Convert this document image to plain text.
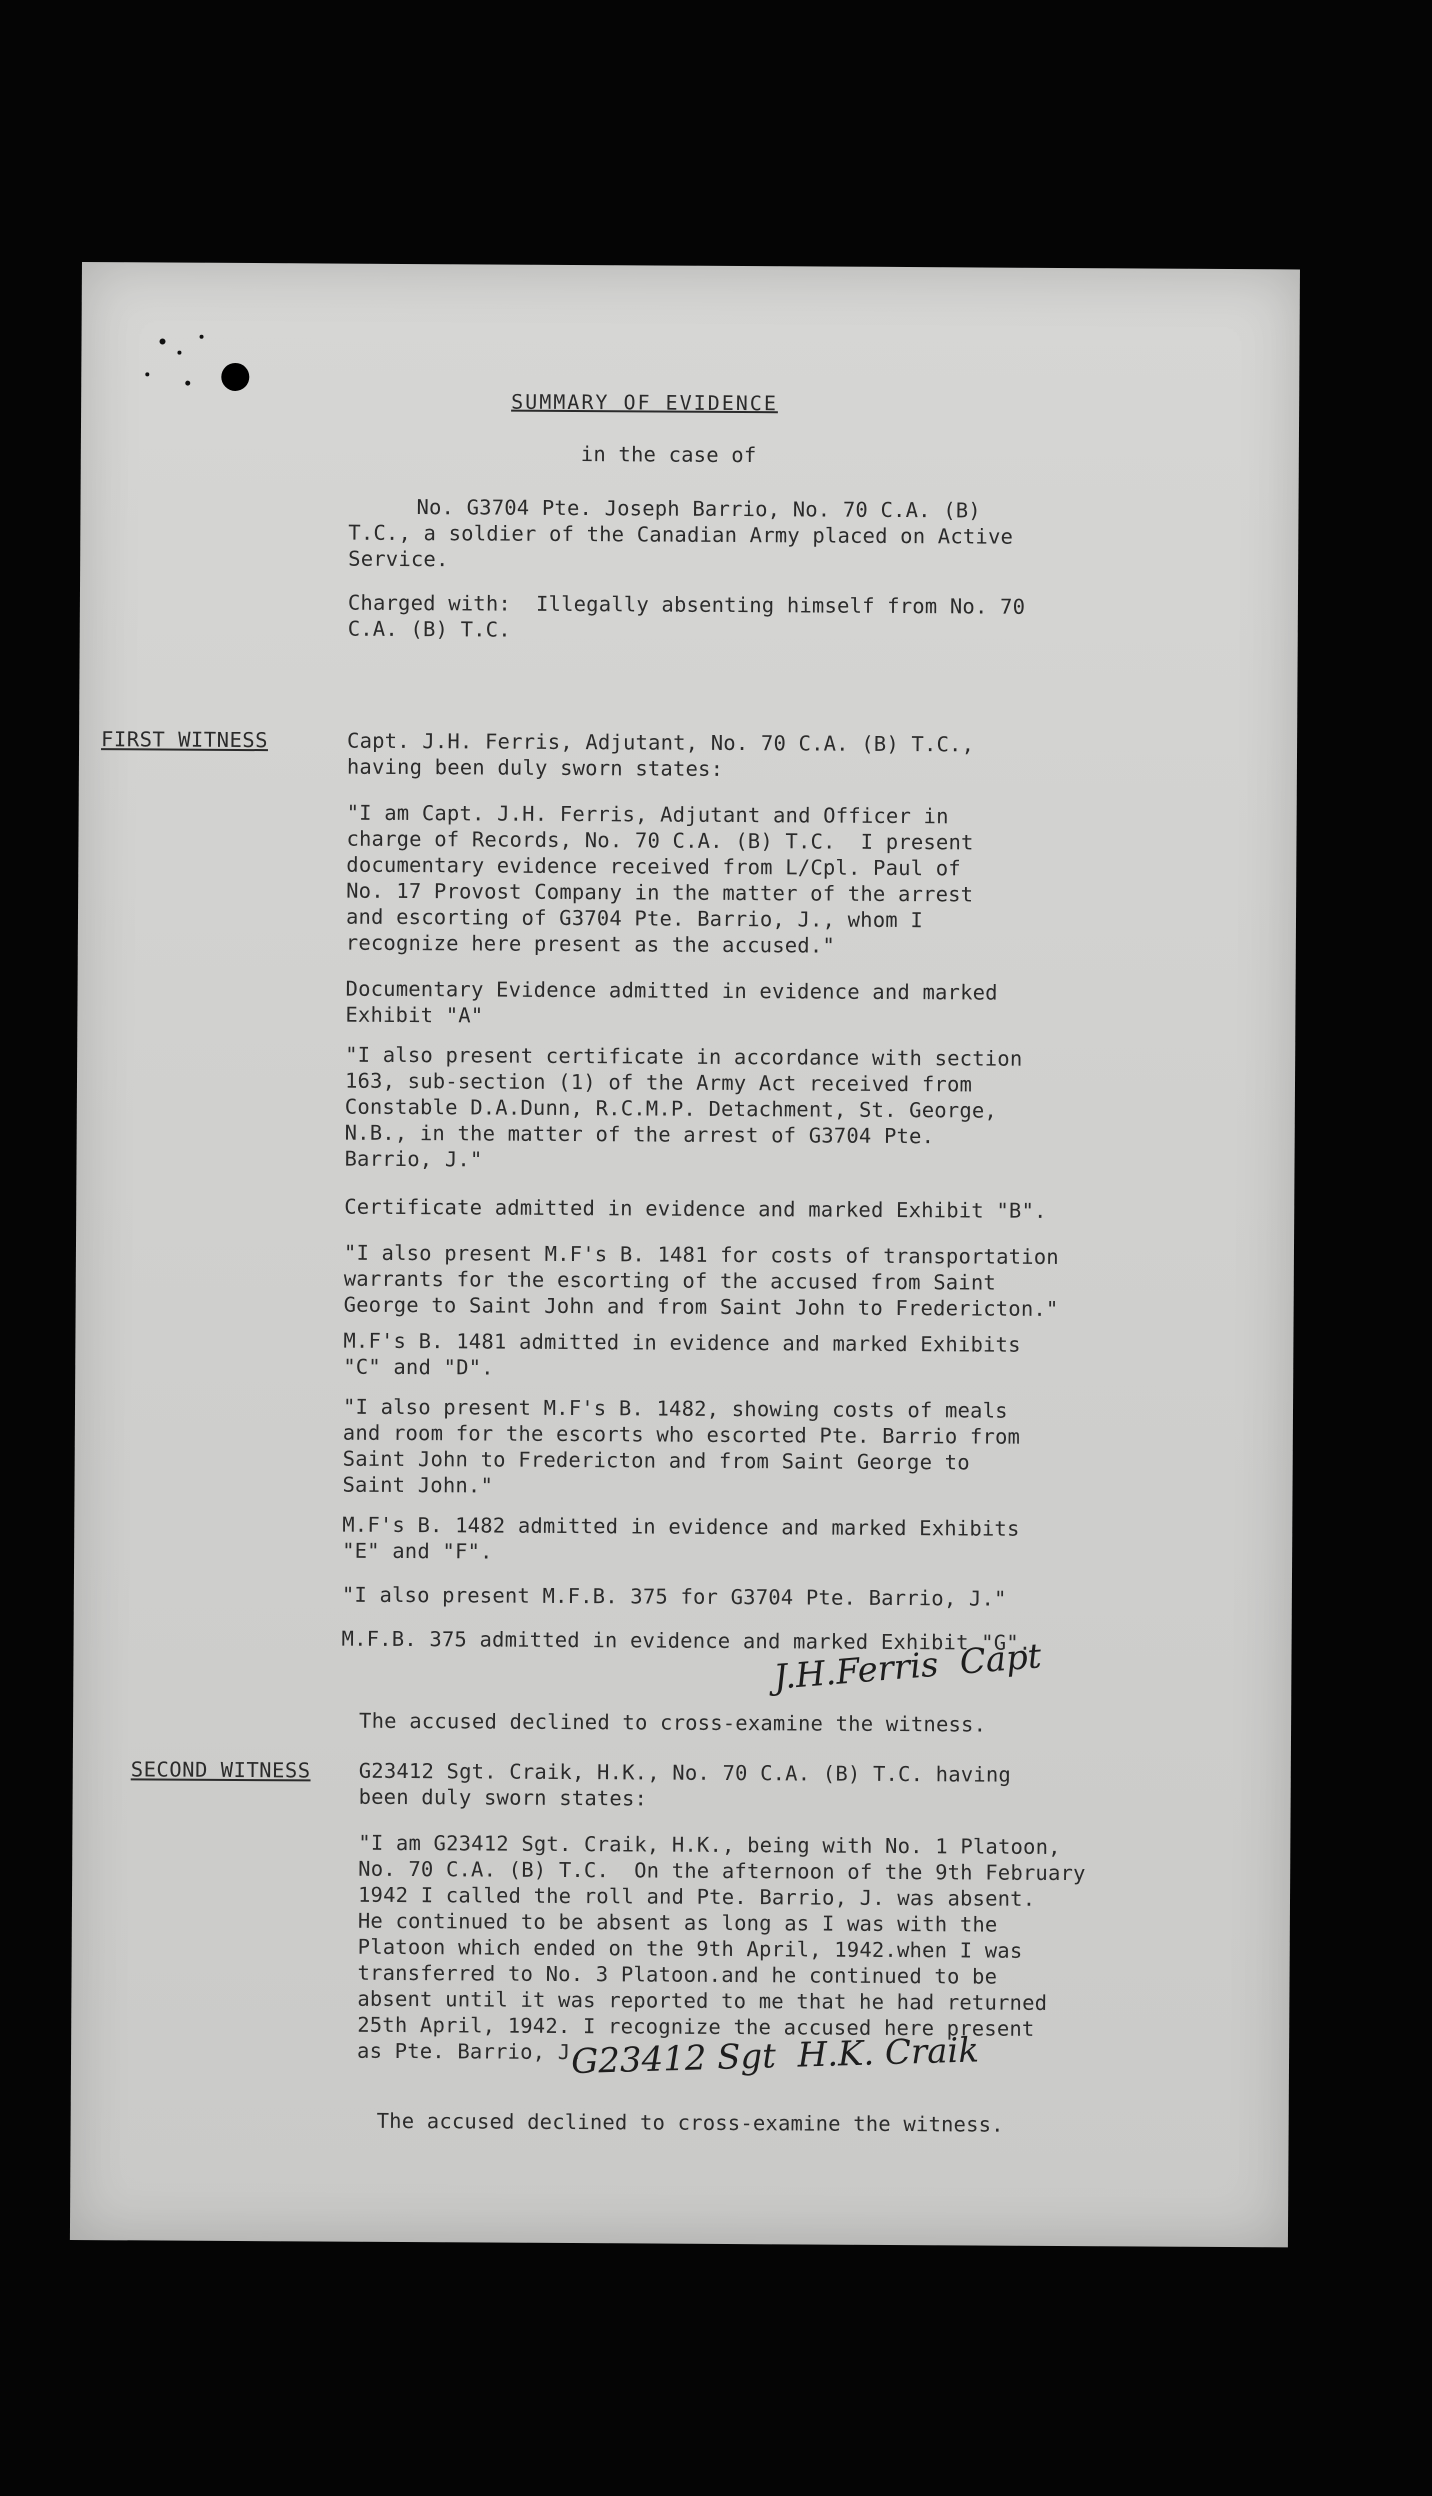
SUMMARY OF EVIDENCE
in the case of
No. G3704 Pte. Joseph Barrio, No. 70 C.A. (B)
T.C., a soldier of the Canadian Army placed on Active
Service.
Charged with:  Illegally absenting himself from No. 70
C.A. (B) T.C.
FIRST WITNESS	Capt. J.H. Ferris, Adjutant, No. 70 C.A. (B) T.C.,
having been duly sworn states:
"I am Capt. J.H. Ferris, Adjutant and Officer in
charge of Records, No. 70 C.A. (B) T.C.  I present
documentary evidence received from L/Cpl. Paul of
No. 17 Provost Company in the matter of the arrest
and escorting of G3704 Pte. Barrio, J., whom I
recognize here present as the accused."
Documentary Evidence admitted in evidence and marked
Exhibit "A"
"I also present certificate in accordance with section
163, sub-section (1) of the Army Act received from
Constable D.A.Dunn, R.C.M.P. Detachment, St. George,
N.B., in the matter of the arrest of G3704 Pte.
Barrio, J."
Certificate admitted in evidence and marked Exhibit "B".
"I also present M.F's B. 1481 for costs of transportation
warrants for the escorting of the accused from Saint
George to Saint John and from Saint John to Fredericton."
M.F's B. 1481 admitted in evidence and marked Exhibits
"C" and "D".
"I also present M.F's B. 1482, showing costs of meals
and room for the escorts who escorted Pte. Barrio from
Saint John to Fredericton and from Saint George to
Saint John."
M.F's B. 1482 admitted in evidence and marked Exhibits
"E" and "F".
"I also present M.F.B. 375 for G3704 Pte. Barrio, J."
M.F.B. 375 admitted in evidence and marked Exhibit "G".
J.H.Ferris  Capt
The accused declined to cross-examine the witness.
SECOND WITNESS G23412 Sgt. Craik, H.K., No. 70 C.A. (B) T.C. having
been duly sworn states:
"I am G23412 Sgt. Craik, H.K., being with No. 1 Platoon,
No. 70 C.A. (B) T.C.  On the afternoon of the 9th February
1942 I called the roll and Pte. Barrio, J. was absent.
He continued to be absent as long as I was with the
Platoon which ended on the 9th April, 1942.when I was
transferred to No. 3 Platoon.and he continued to be
absent until it was reported to me that he had returned
25th April, 1942. I recognize the accused here present
as Pte. Barrio, J.
G23412 Sgt  H.K. Craik
The accused declined to cross-examine the witness.
